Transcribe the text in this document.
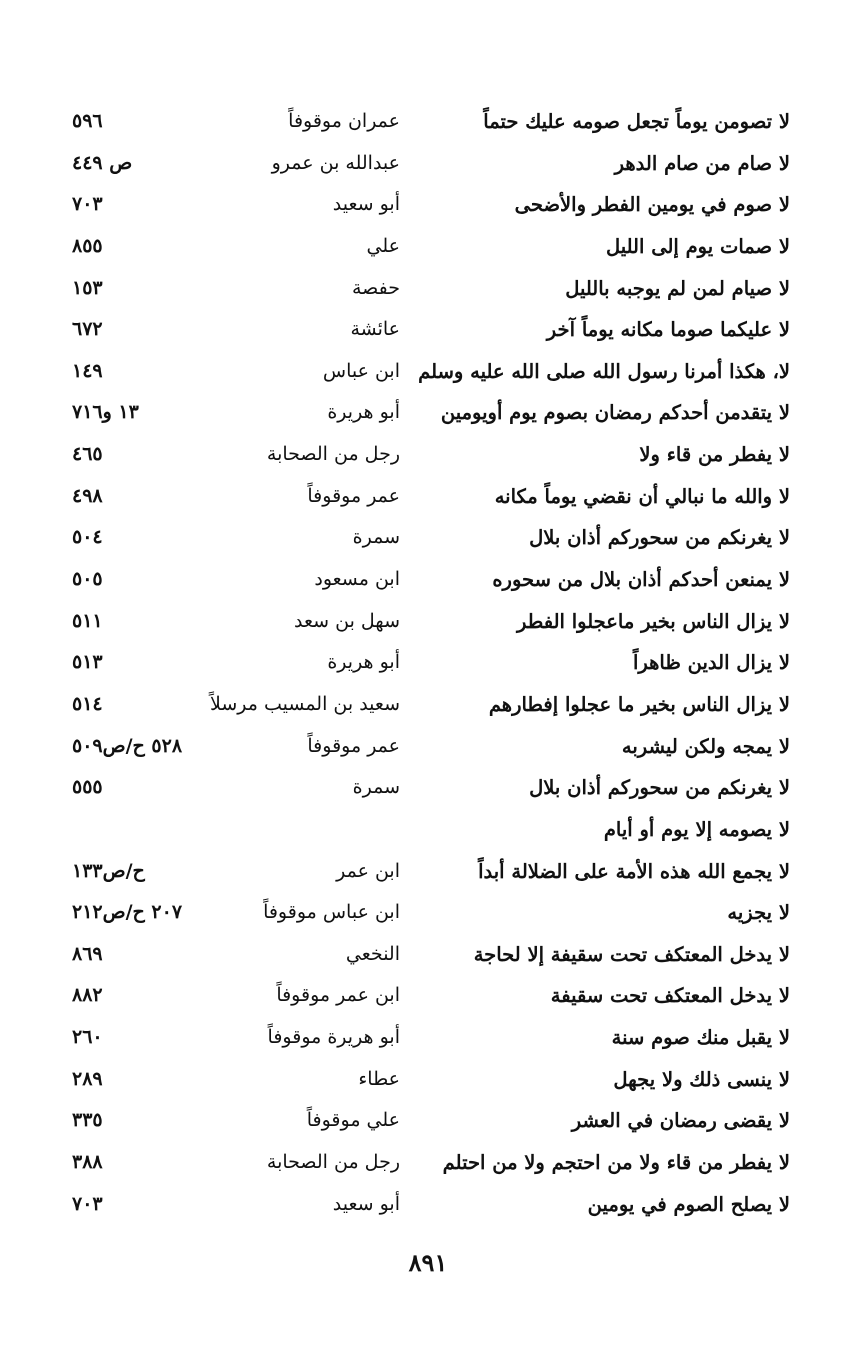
لا تصومن يوماً تجعل صومه عليك حتماً
عمران موقوفاً
٥٩٦
لا صام من صام الدهر
عبدالله بن عمرو
ص ٤٤٩
لا صوم في يومين الفطر والأضحى
أبو سعيد
٧٠٣
لا صمات يوم إلى الليل
علي
٨٥٥
لا صيام لمن لم يوجبه بالليل
حفصة
١٥٣
لا عليكما صوما مكانه يوماً آخر
عائشة
٦٧٢
لا، هكذا أمرنا رسول الله صلى الله عليه وسلم
ابن عباس
١٤٩
لا يتقدمن أحدكم رمضان بصوم يوم أويومين
أبو هريرة
١٣ و٧١٦
لا يفطر من قاء ولا
رجل من الصحابة
٤٦٥
لا والله ما نبالي أن نقضي يوماً مكانه
عمر موقوفاً
٤٩٨
لا يغرنكم من سحوركم أذان بلال
سمرة
٥٠٤
لا يمنعن أحدكم أذان بلال من سحوره
ابن مسعود
٥٠٥
لا يزال الناس بخير ماعجلوا الفطر
سهل بن سعد
٥١١
لا يزال الدين ظاهراً
أبو هريرة
٥١٣
لا يزال الناس بخير ما عجلوا إفطارهم
سعيد بن المسيب مرسلاً
٥١٤
لا يمجه ولكن ليشربه
عمر موقوفاً
٥٢٨ ح/ص٥٠٩
لا يغرنكم من سحوركم أذان بلال
سمرة
٥٥٥
لا يصومه إلا يوم أو أيام
لا يجمع الله هذه الأمة على الضلالة أبداً
ابن عمر
ح/ص١٣٣
لا يجزيه
ابن عباس موقوفاً
٢٠٧ ح/ص٢١٢
لا يدخل المعتكف تحت سقيفة إلا لحاجة
النخعي
٨٦٩
لا يدخل المعتكف تحت سقيفة
ابن عمر موقوفاً
٨٨٢
لا يقبل منك صوم سنة
أبو هريرة موقوفاً
٢٦٠
لا ينسى ذلك ولا يجهل
عطاء
٢٨٩
لا يقضى رمضان في العشر
علي موقوفاً
٣٣٥
لا يفطر من قاء ولا من احتجم ولا من احتلم
رجل من الصحابة
٣٨٨
لا يصلح الصوم في يومين
أبو سعيد
٧٠٣
٨٩١
